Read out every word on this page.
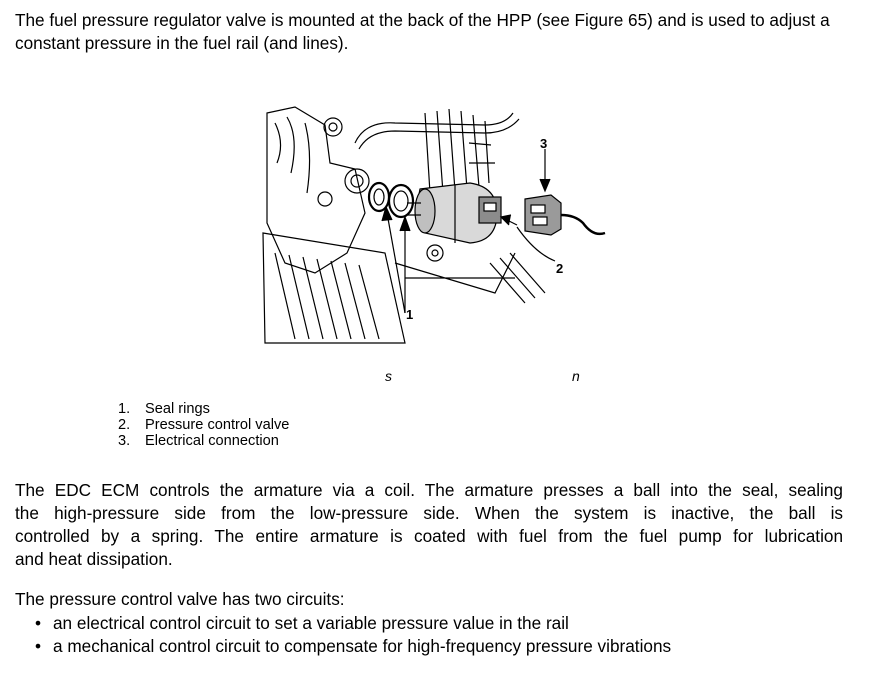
The fuel pressure regulator valve is mounted at the back of the HPP (see Figure 65) and is used to adjust a constant pressure in the fuel rail (and lines).

3
2
1
s	n
1.	Seal rings
2.	Pressure control valve
3.	Electrical connection
The EDC ECM controls the armature via a coil. The armature presses a ball into the seal, sealing
the high-pressure side from the low-pressure side. When the system is inactive, the ball is
controlled by a spring. The entire armature is coated with fuel from the fuel pump for lubrication
and heat dissipation.

The pressure control valve has two circuits:

• an electrical control circuit to set a variable pressure value in the rail
• a mechanical control circuit to compensate for high-frequency pressure vibrations
